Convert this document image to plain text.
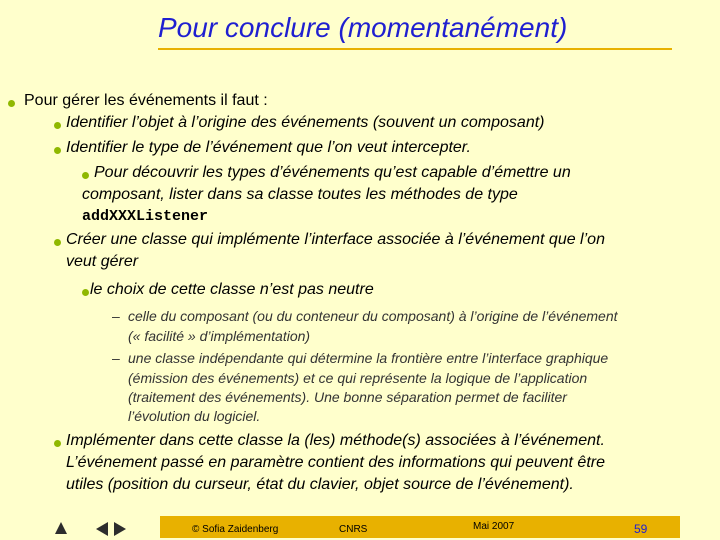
Pour conclure (momentanément)
Pour gérer les événements il faut :
Identifier l’objet à l’origine des événements (souvent un composant)
Identifier le type de l’événement que l’on veut intercepter.
Pour découvrir les types d’événements qu’est capable d’émettre un
composant, lister dans sa classe toutes les méthodes de type
addXXXListener
Créer une classe qui implémente l’interface associée à l’événement que l’on
veut gérer
le choix de cette classe n’est pas neutre
– celle du composant (ou du conteneur du composant) à l’origine de l’événement
(« facilité » d’implémentation)
– une classe indépendante qui détermine la frontière entre l’interface graphique
(émission des événements) et ce qui représente la logique de l’application
(traitement des événements). Une bonne séparation permet de faciliter
l’évolution du logiciel.
Implémenter dans cette classe la (les) méthode(s) associées à l’événement.
L’événement passé en paramètre contient des informations qui peuvent être
utiles (position du curseur, état du clavier, objet source de l’événement).
© Sofia Zaidenberg	CNRS	Mai 2007	59
